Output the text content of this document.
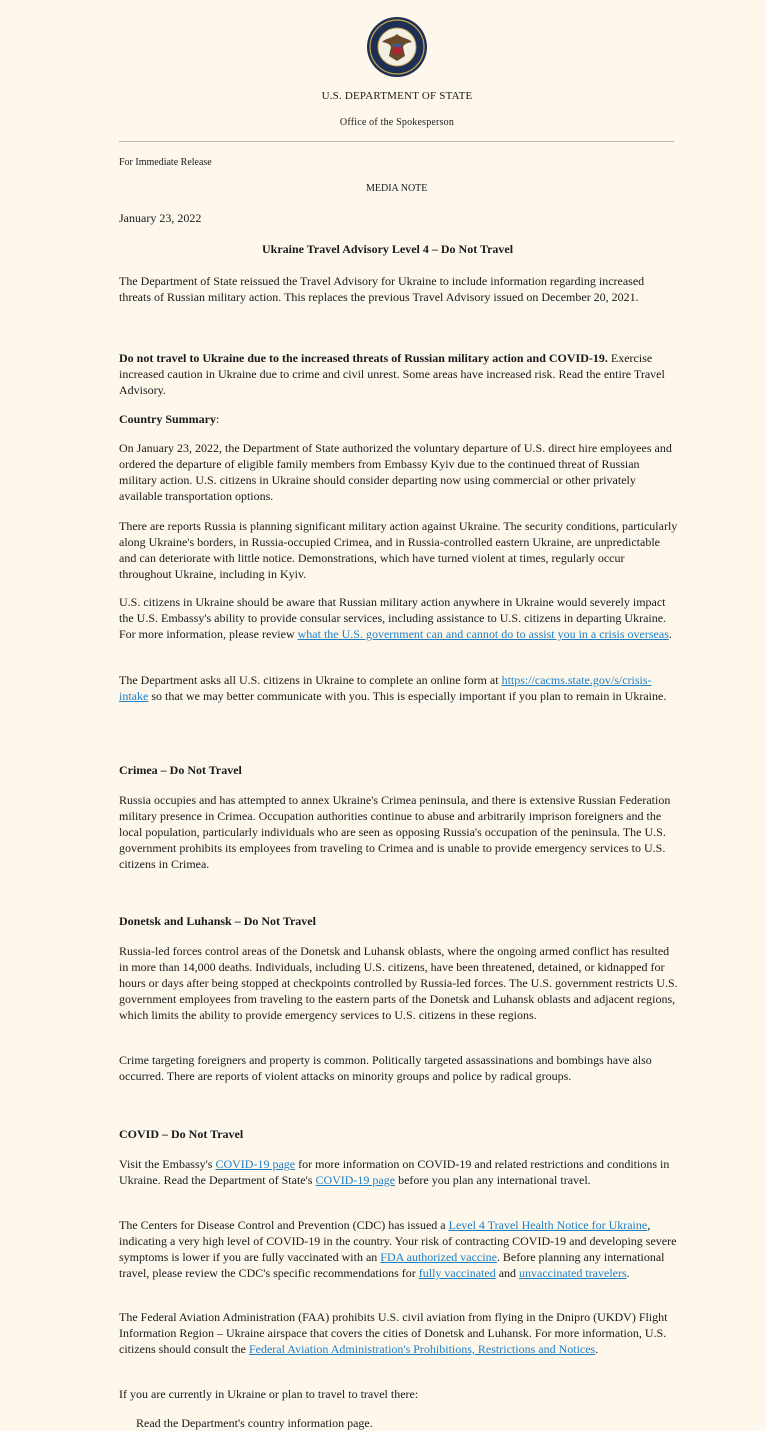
U.S. DEPARTMENT OF STATE
Office of the Spokesperson
For Immediate Release
MEDIA NOTE
January 23, 2022
Ukraine Travel Advisory Level 4 – Do Not Travel

The Department of State reissued the Travel Advisory for Ukraine to include information regarding increased threats of Russian military action. This replaces the previous Travel Advisory issued on December 20, 2021.

Do not travel to Ukraine due to the increased threats of Russian military action and COVID-19. Exercise increased caution in Ukraine due to crime and civil unrest. Some areas have increased risk. Read the entire Travel Advisory.

Country Summary:

On January 23, 2022, the Department of State authorized the voluntary departure of U.S. direct hire employees and ordered the departure of eligible family members from Embassy Kyiv due to the continued threat of Russian military action. U.S. citizens in Ukraine should consider departing now using commercial or other privately available transportation options.

There are reports Russia is planning significant military action against Ukraine. The security conditions, particularly along Ukraine's borders, in Russia-occupied Crimea, and in Russia-controlled eastern Ukraine, are unpredictable and can deteriorate with little notice. Demonstrations, which have turned violent at times, regularly occur throughout Ukraine, including in Kyiv.

U.S. citizens in Ukraine should be aware that Russian military action anywhere in Ukraine would severely impact the U.S. Embassy's ability to provide consular services, including assistance to U.S. citizens in departing Ukraine. For more information, please review what the U.S. government can and cannot do to assist you in a crisis overseas.

The Department asks all U.S. citizens in Ukraine to complete an online form at https://cacms.state.gov/s/crisis-intake so that we may better communicate with you. This is especially important if you plan to remain in Ukraine.

Crimea – Do Not Travel

Russia occupies and has attempted to annex Ukraine's Crimea peninsula, and there is extensive Russian Federation military presence in Crimea. Occupation authorities continue to abuse and arbitrarily imprison foreigners and the local population, particularly individuals who are seen as opposing Russia's occupation of the peninsula. The U.S. government prohibits its employees from traveling to Crimea and is unable to provide emergency services to U.S. citizens in Crimea.

Donetsk and Luhansk – Do Not Travel

Russia-led forces control areas of the Donetsk and Luhansk oblasts, where the ongoing armed conflict has resulted in more than 14,000 deaths. Individuals, including U.S. citizens, have been threatened, detained, or kidnapped for hours or days after being stopped at checkpoints controlled by Russia-led forces. The U.S. government restricts U.S. government employees from traveling to the eastern parts of the Donetsk and Luhansk oblasts and adjacent regions, which limits the ability to provide emergency services to U.S. citizens in these regions.

Crime targeting foreigners and property is common. Politically targeted assassinations and bombings have also occurred. There are reports of violent attacks on minority groups and police by radical groups.

COVID – Do Not Travel

Visit the Embassy's COVID-19 page for more information on COVID-19 and related restrictions and conditions in Ukraine. Read the Department of State's COVID-19 page before you plan any international travel.

The Centers for Disease Control and Prevention (CDC) has issued a Level 4 Travel Health Notice for Ukraine, indicating a very high level of COVID-19 in the country. Your risk of contracting COVID-19 and developing severe symptoms is lower if you are fully vaccinated with an FDA authorized vaccine. Before planning any international travel, please review the CDC's specific recommendations for fully vaccinated and unvaccinated travelers.

The Federal Aviation Administration (FAA) prohibits U.S. civil aviation from flying in the Dnipro (UKDV) Flight Information Region – Ukraine airspace that covers the cities of Donetsk and Luhansk. For more information, U.S. citizens should consult the Federal Aviation Administration's Prohibitions, Restrictions and Notices.

If you are currently in Ukraine or plan to travel to travel there:

Read the Department's country information page.
